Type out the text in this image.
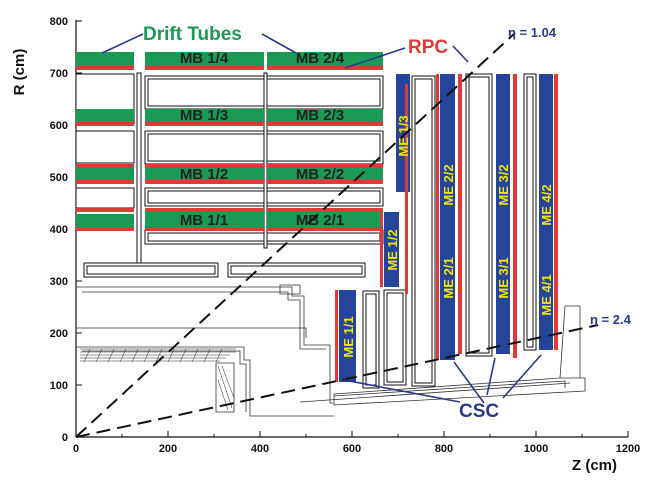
0	200	400	600	800	1000	1200
0
100
200
300
400
500
600
700
800
Z (cm)
R (cm)	MB 1/4	MB 2/4
MB 1/3	MB 2/3
MB 1/2	MB 2/2
MB 1/1	MB 2/1
ME 1/1
ME 1/2
ME 1/3
ME 2/1
ME 2/2
ME 3/1
ME 3/2
ME 4/1
ME 4/2
η = 1.04
η = 2.4
Drift Tubes
RPC
CSC
